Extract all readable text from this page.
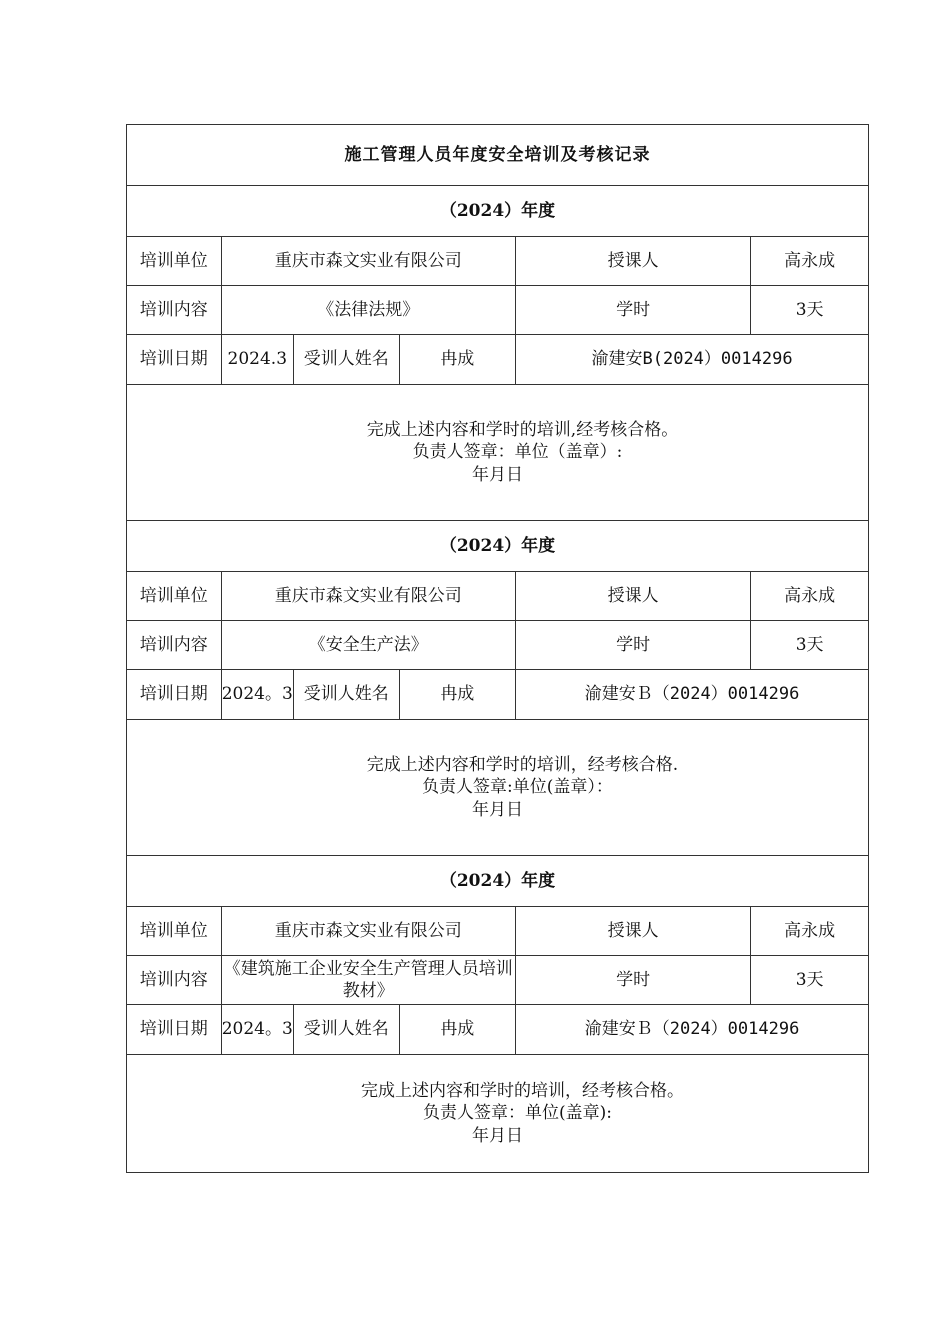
施工管理人员年度安全培训及考核记录					
（2024）年度					
培训单位	重庆市森文实业有限公司			授课人	高永成
培训内容	《法律法规》			学时	3天
培训日期	2024.3	受训人姓名	冉成	渝建安B(2024）0014296	

完成上述内容和学时的培训,经考核合格。
负责人签章：单位（盖章）:
年月日					

（2024）年度					
培训单位	重庆市森文实业有限公司			授课人	高永成
培训内容	《安全生产法》			学时	3天
培训日期	2024。3	受训人姓名	冉成	渝建安Ｂ（2024）0014296	

完成上述内容和学时的培训，经考核合格.
负责人签章:单位(盖章）：
年月日					

（2024）年度					
培训单位	重庆市森文实业有限公司			授课人	高永成
培训内容	《建筑施工企业安全生产管理人员培训教材》			学时	3天
培训日期	2024。3	受训人姓名	冉成	渝建安Ｂ（2024）0014296	

完成上述内容和学时的培训，经考核合格。
负责人签章：单位(盖章):
年月日					
